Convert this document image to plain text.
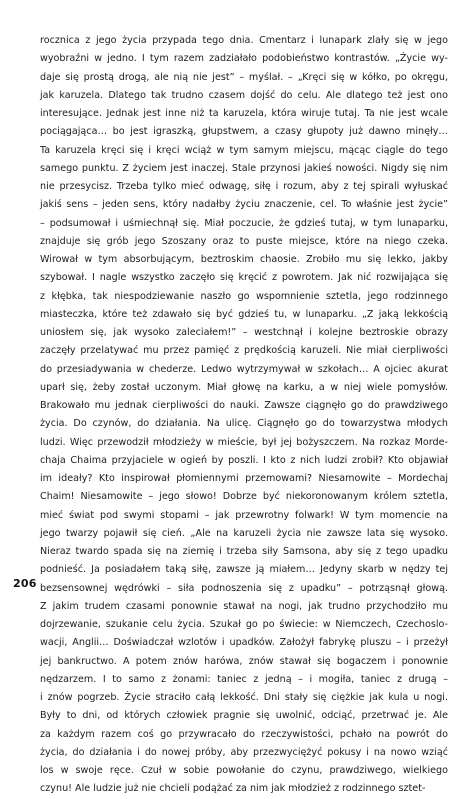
rocznica z jego życia przypada tego dnia. Cmentarz i lunapark zlały się w jego
wyobraźni w jedno. I tym razem zadziałało podobieństwo kontrastów. „Życie wy-
daje się prostą drogą, ale nią nie jest” – myślał. – „Kręci się w kółko, po okręgu,
jak karuzela. Dlatego tak trudno czasem dojść do celu. Ale dlatego też jest ono
interesujące. Jednak jest inne niż ta karuzela, która wiruje tutaj. Ta nie jest wcale
pociągająca… bo jest igraszką, głupstwem, a czasy głupoty już dawno minęły…
Ta karuzela kręci się i kręci wciąż w tym samym miejscu, mącąc ciągle do tego
samego punktu. Z życiem jest inaczej. Stale przynosi jakieś nowości. Nigdy się nim
nie przesycisz. Trzeba tylko mieć odwagę, siłę i rozum, aby z tej spirali wyłuskać
jakiś sens – jeden sens, który nadałby życiu znaczenie, cel. To właśnie jest życie”
– podsumował i uśmiechnął się. Miał poczucie, że gdzieś tutaj, w tym lunaparku,
znajduje się grób jego Szoszany oraz to puste miejsce, które na niego czeka.
Wirował w tym absorbującym, beztroskim chaosie. Zrobiło mu się lekko, jakby
szybował. I nagle wszystko zaczęło się kręcić z powrotem. Jak nić rozwijająca się
z kłębka, tak niespodziewanie naszło go wspomnienie sztetla, jego rodzinnego
miasteczka, które też zdawało się być gdzieś tu, w lunaparku. „Z jaką lekkością
uniosłem się, jak wysoko zaleciałem!” – westchnął i kolejne beztroskie obrazy
zaczęły przelatywać mu przez pamięć z prędkością karuzeli. Nie miał cierpliwości
do przesiadywania w chederze. Ledwo wytrzymywał w szkołach… A ojciec akurat
uparł się, żeby został uczonym. Miał głowę na karku, a w niej wiele pomysłów.
Brakowało mu jednak cierpliwości do nauki. Zawsze ciągnęło go do prawdziwego
życia. Do czynów, do działania. Na ulicę. Ciągnęło go do towarzystwa młodych
ludzi. Więc przewodził młodzieży w mieście, był jej bożyszczem. Na rozkaz Morde-
chaja Chaima przyjaciele w ogień by poszli. I kto z nich ludzi zrobił? Kto objawiał
im ideały? Kto inspirował płomiennymi przemowami? Niesamowite – Mordechaj
Chaim! Niesamowite – jego słowo! Dobrze być niekoronowanym królem sztetla,
mieć świat pod swymi stopami – jak przewrotny folwark! W tym momencie na
jego twarzy pojawił się cień. „Ale na karuzeli życia nie zawsze lata się wysoko.
Nieraz twardo spada się na ziemię i trzeba siły Samsona, aby się z tego upadku
podnieść. Ja posiadałem taką siłę, zawsze ją miałem… Jedyny skarb w nędzy tej
bezsensownej wędrówki – siła podnoszenia się z upadku” – potrząsnął głową.
Z jakim trudem czasami ponownie stawał na nogi, jak trudno przychodziło mu
dojrzewanie, szukanie celu życia. Szukał go po świecie: w Niemczech, Czechoslo-
wacji, Anglii… Doświadczał wzlotów i upadków. Założył fabrykę pluszu – i przeżył
jej bankructwo. A potem znów harówa, znów stawał się bogaczem i ponownie
nędzarzem. I to samo z żonami: taniec z jedną – i mogiła, taniec z drugą –
i znów pogrzeb. Życie straciło całą lekkość. Dni stały się ciężkie jak kula u nogi.
Były to dni, od których człowiek pragnie się uwolnić, odciąć, przetrwać je. Ale
za każdym razem coś go przywracało do rzeczywistości, pchało na powrót do
życia, do działania i do nowej próby, aby przezwyciężyć pokusy i na nowo wziąć
los w swoje ręce. Czuł w sobie powołanie do czynu, prawdziwego, wielkiego
czynu! Ale ludzie już nie chcieli podążać za nim jak młodzież z rodzinnego sztet-
206
